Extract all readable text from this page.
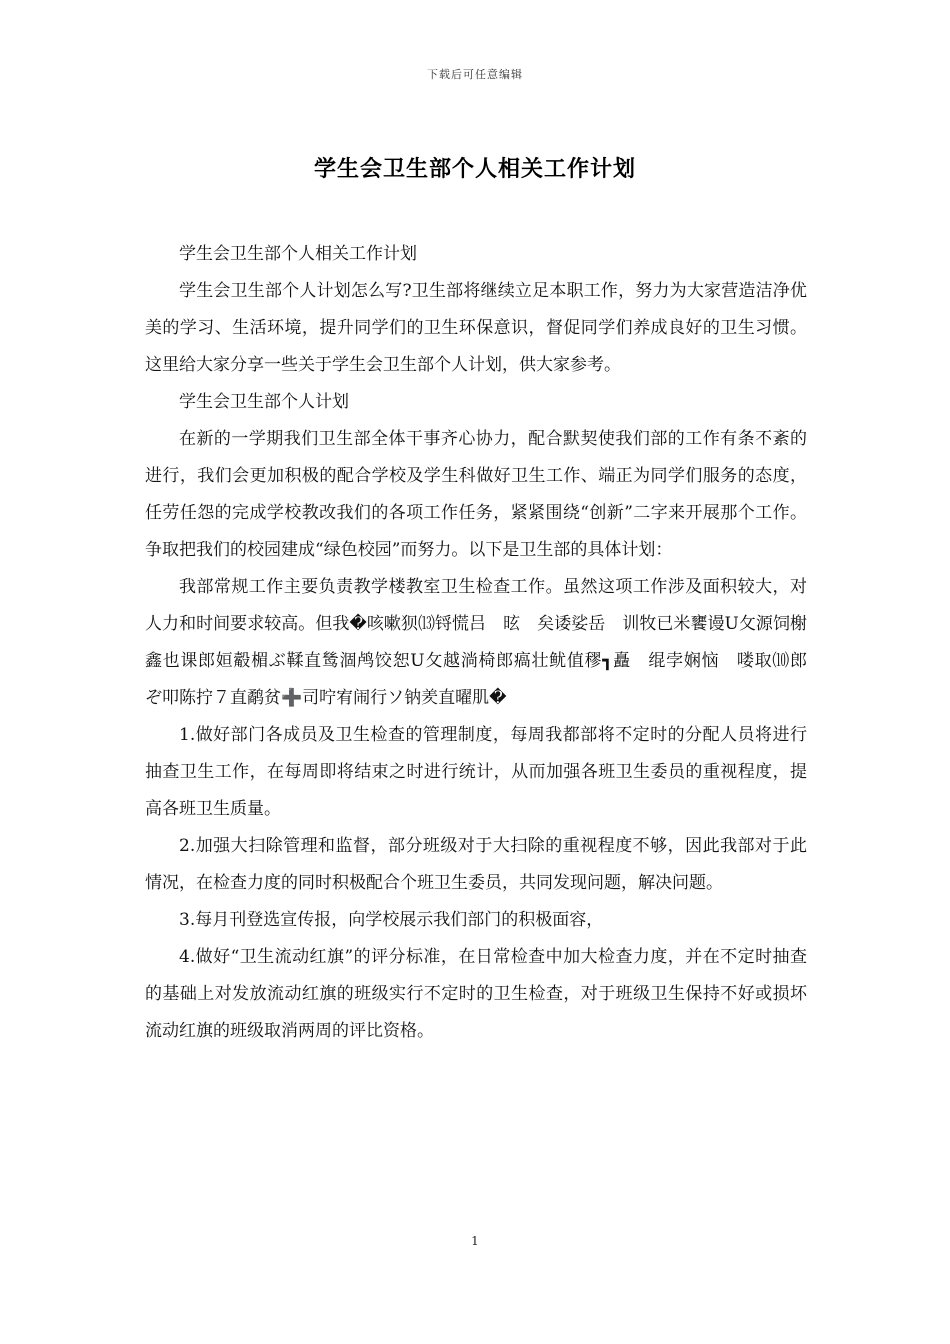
下载后可任意编辑
学生会卫生部个人相关工作计划

学生会卫生部个人相关工作计划

学生会卫生部个人计划怎么写?卫生部将继续立足本职工作，努力为大家营造洁净优美的学习、生活环境，提升同学们的卫生环保意识，督促同学们养成良好的卫生习惯。这里给大家分享一些关于学生会卫生部个人计划，供大家参考。

学生会卫生部个人计划

在新的一学期我们卫生部全体干事齐心协力，配合默契使我们部的工作有条不紊的进行，我们会更加积极的配合学校及学生科做好卫生工作、端正为同学们服务的态度，任劳任怨的完成学校教改我们的各项工作任务，紧紧围绕“创新”二字来开展那个工作。争取把我们的校园建成“绿色校园”而努力。以下是卫生部的具体计划：

我部常规工作主要负责教学楼教室卫生检查工作。虽然这项工作涉及面积较大，对人力和时间要求较高。但我�咳嗽狈⒀锊慌吕　昡　矣诿娑岳　训牧已米饔谩U攵源饲榭鑫也课郎姮觳楣ぶ鞣直鸶涸鸬饺恕U攵越淌椅郎瘑壮鱿值穋┓矗　绲孛娴恼　喽取⑽郎　ぞ叩陈拧７直鹬贫➕司咛宥闹行ソ钠羑直曜肌�

1.做好部门各成员及卫生检查的管理制度，每周我都部将不定时的分配人员将进行抽查卫生工作，在每周即将结束之时进行统计，从而加强各班卫生委员的重视程度，提高各班卫生质量。

2.加强大扫除管理和监督，部分班级对于大扫除的重视程度不够，因此我部对于此情况，在检查力度的同时积极配合个班卫生委员，共同发现问题，解决问题。

3.每月刊登选宣传报，向学校展示我们部门的积极面容，

4.做好“卫生流动红旗”的评分标准，在日常检查中加大检查力度，并在不定时抽查的基础上对发放流动红旗的班级实行不定时的卫生检查，对于班级卫生保持不好或损坏流动红旗的班级取消两周的评比资格。

1
